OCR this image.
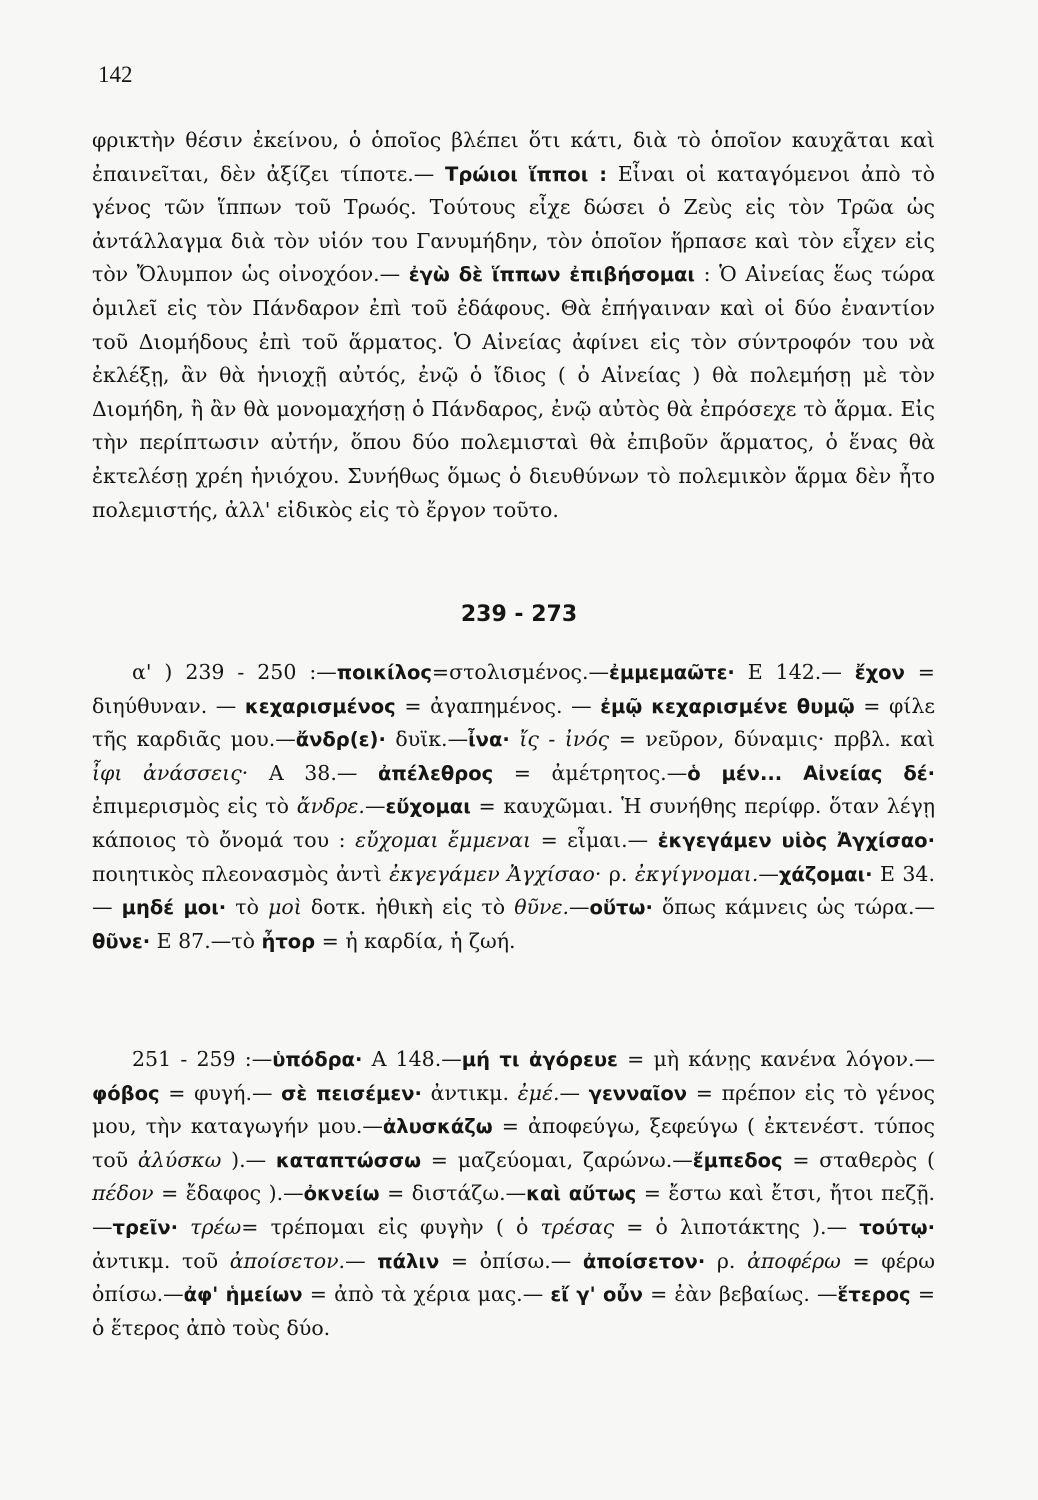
142
φρικτὴν θέσιν ἐκείνου, ὁ ὁποῖος βλέπει ὅτι κάτι, διὰ τὸ ὁποῖον καυχᾶται καὶ ἐπαινεῖται, δὲν ἀξίζει τίποτε.— Τρώιοι ἵπποι : Εἶναι οἱ καταγόμενοι ἀπὸ τὸ γένος τῶν ἵππων τοῦ Τρωός. Τούτους εἶχε δώσει ὁ Ζεὺς εἰς τὸν Τρῶα ὡς ἀντάλλαγμα διὰ τὸν υἱόν του Γανυμήδην, τὸν ὁποῖον ἥρπασε καὶ τὸν εἶχεν εἰς τὸν Ὄλυμπον ὡς οἰνοχόον.— ἐγὼ δὲ ἵππων ἐπιβήσομαι : Ὁ Αἰνείας ἕως τώρα ὁμιλεῖ εἰς τὸν Πάνδαρον ἐπὶ τοῦ ἐδάφους. Θὰ ἐπήγαιναν καὶ οἱ δύο ἐναντίον τοῦ Διομήδους ἐπὶ τοῦ ἅρματος. Ὁ Αἰνείας ἀφίνει εἰς τὸν σύντροφόν του νὰ ἐκλέξῃ, ἂν θὰ ἡνιοχῇ αὐτός, ἐνῷ ὁ ἴδιος ( ὁ Αἰνείας ) θὰ πολεμήσῃ μὲ τὸν Διομήδη, ἢ ἂν θὰ μονομαχήσῃ ὁ Πάνδαρος, ἐνῷ αὐτὸς θὰ ἐπρόσεχε τὸ ἅρμα. Εἰς τὴν περίπτωσιν αὐτήν, ὅπου δύο πολεμισταὶ θὰ ἐπιβοῦν ἅρματος, ὁ ἕνας θὰ ἐκτελέσῃ χρέη ἡνιόχου. Συνήθως ὅμως ὁ διευθύνων τὸ πολεμικὸν ἅρμα δὲν ἦτο πολεμιστής, ἀλλ' εἰδικὸς εἰς τὸ ἔργον τοῦτο.
239 - 273
α' ) 239 - 250 :—ποικίλος=στολισμένος.—ἐμμεμαῶτε· Ε 142.— ἔχον = διηύθυναν. — κεχαρισμένος = ἀγαπημένος. — ἐμῷ κεχαρισμένε θυμῷ = φίλε τῆς καρδιᾶς μου.—ἄνδρ(ε)· δυϊκ.—ἶνα· ἴς - ἰνός = νεῦρον, δύναμις· πρβλ. καὶ ἶφι ἀνάσσεις· Α 38.— ἀπέλεθρος = ἀμέτρητος.—ὁ μέν... Αἰνείας δέ· ἐπιμερισμὸς εἰς τὸ ἄνδρε.—εὔχομαι = καυχῶμαι. Ἡ συνήθης περίφρ. ὅταν λέγῃ κάποιος τὸ ὄνομά του : εὔχομαι ἔμμεναι = εἶμαι.— ἐκγεγάμεν υἱὸς Ἀγχίσαο· ποιητικὸς πλεονασμὸς ἀντὶ ἐκγεγάμεν Ἀγχίσαο· ρ. ἐκγίγνομαι.—χάζομαι· Ε 34. — μηδέ μοι· τὸ μοὶ δοτκ. ἠθικὴ εἰς τὸ θῦνε.—οὕτω· ὅπως κάμνεις ὡς τώρα.— θῦνε· Ε 87.—τὸ ἦτορ = ἡ καρδία, ἡ ζωή.
251 - 259 :—ὑπόδρα· Α 148.—μή τι ἀγόρευε = μὴ κάνῃς κανένα λόγον.—φόβος = φυγή.— σὲ πεισέμεν· ἀντικμ. ἐμέ.— γενναῖον = πρέπον εἰς τὸ γένος μου, τὴν καταγωγήν μου.—ἀλυσκάζω = ἀποφεύγω, ξεφεύγω ( ἐκτενέστ. τύπος τοῦ ἀλύσκω ).— καταπτώσσω = μαζεύομαι, ζαρώνω.—ἔμπεδος = σταθερὸς ( πέδον = ἔδαφος ).—ὀκνείω = διστάζω.—καὶ αὔτως = ἔστω καὶ ἔτσι, ἤτοι πεζῇ.—τρεῖν· τρέω= τρέπομαι εἰς φυγὴν ( ὁ τρέσας = ὁ λιποτάκτης ).— τούτῳ· ἀντικμ. τοῦ ἀποίσετον.— πάλιν = ὀπίσω.— ἀποίσετον· ρ. ἀποφέρω = φέρω ὀπίσω.—ἀφ' ἡμείων = ἀπὸ τὰ χέρια μας.— εἴ γ' οὖν = ἐὰν βεβαίως. —ἕτερος = ὁ ἕτερος ἀπὸ τοὺς δύο.
